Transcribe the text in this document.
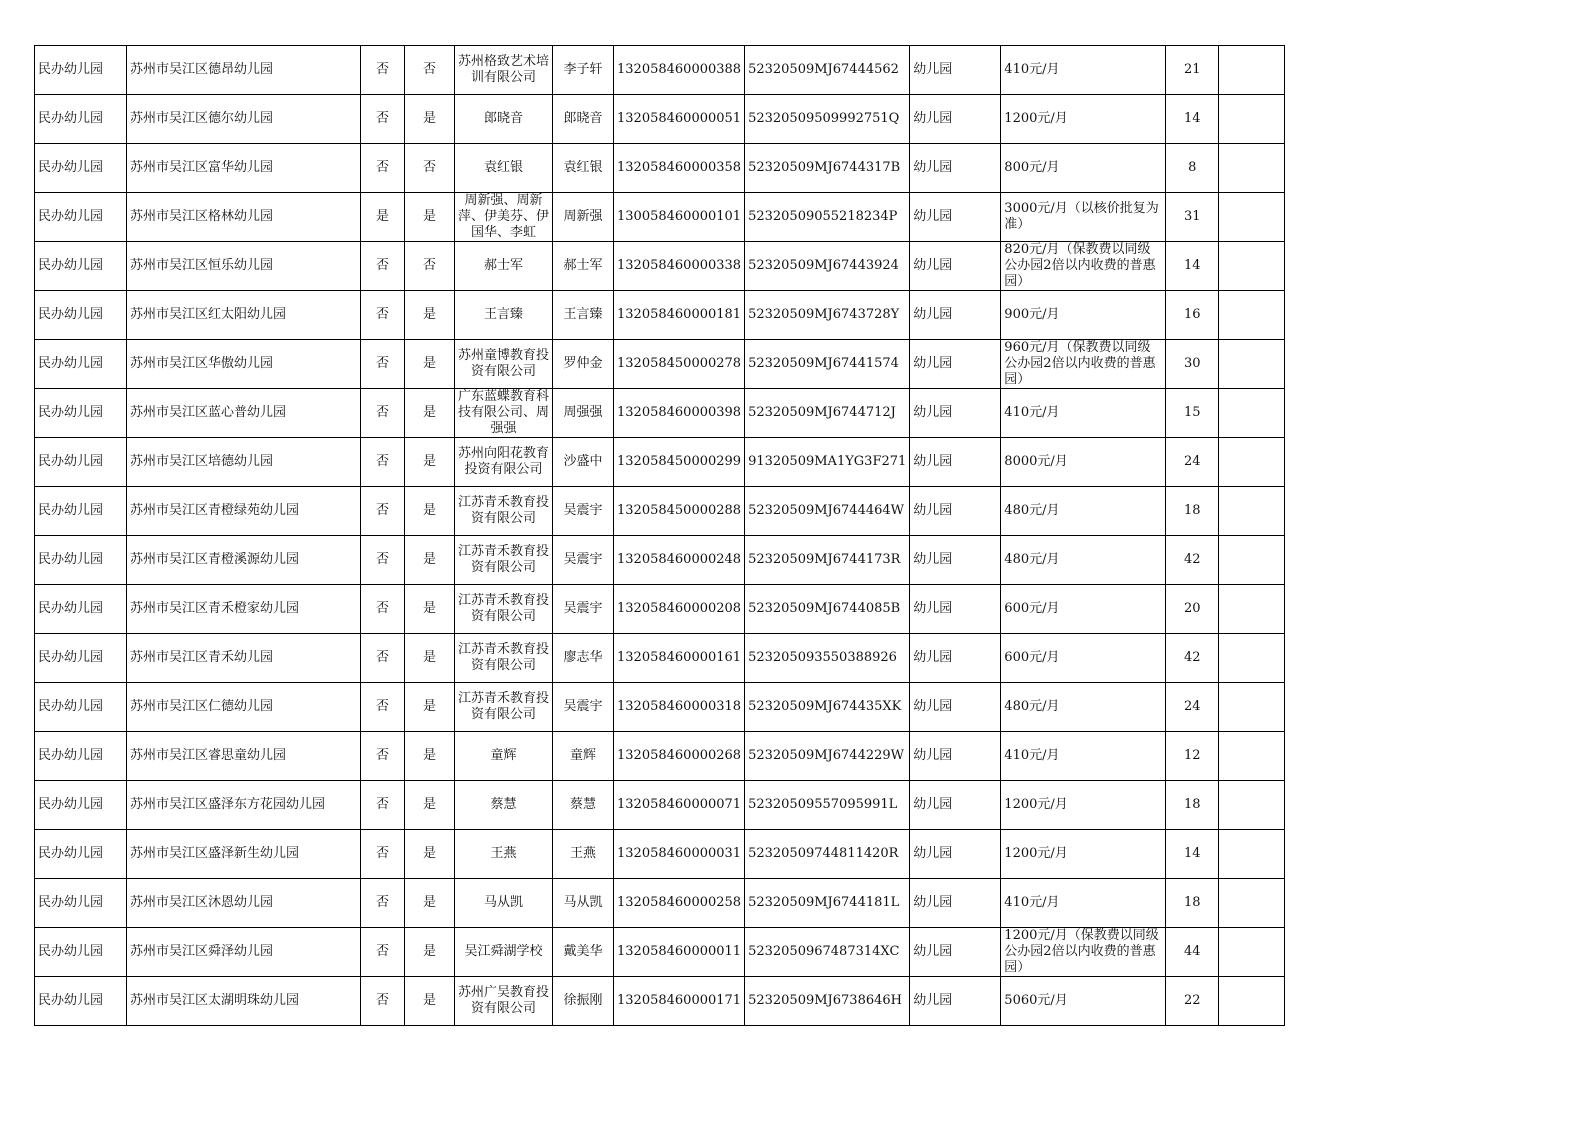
民办幼儿园	苏州市吴江区德昂幼儿园	否	否	苏州格致艺术培训有限公司	李子轩	132058460000388	52320509MJ67444562	幼儿园	410元/月	21	

民办幼儿园	苏州市吴江区德尔幼儿园	否	是	郎晓音	郎晓音	132058460000051	52320509509992751Q	幼儿园	1200元/月	14	

民办幼儿园	苏州市吴江区富华幼儿园	否	否	袁红银	袁红银	132058460000358	52320509MJ6744317B	幼儿园	800元/月	8	

民办幼儿园	苏州市吴江区格林幼儿园	是	是	周新强、周新萍、伊美芬、伊国华、李虹	周新强	130058460000101	52320509055218234P	幼儿园	3000元/月（以核价批复为准）	31	

民办幼儿园	苏州市吴江区恒乐幼儿园	否	否	郝士军	郝士军	132058460000338	52320509MJ67443924	幼儿园	820元/月（保教费以同级公办园2倍以内收费的普惠园）	14	

民办幼儿园	苏州市吴江区红太阳幼儿园	否	是	王言臻	王言臻	132058460000181	52320509MJ6743728Y	幼儿园	900元/月	16	

民办幼儿园	苏州市吴江区华傲幼儿园	否	是	苏州童博教育投资有限公司	罗仲金	132058450000278	52320509MJ67441574	幼儿园	960元/月（保教费以同级公办园2倍以内收费的普惠园）	30	

民办幼儿园	苏州市吴江区蓝心普幼儿园	否	是	广东蓝蝶教育科技有限公司、周强强	周强强	132058460000398	52320509MJ6744712J	幼儿园	410元/月	15	

民办幼儿园	苏州市吴江区培德幼儿园	否	是	苏州向阳花教育投资有限公司	沙盛中	132058450000299	91320509MA1YG3F271	幼儿园	8000元/月	24	

民办幼儿园	苏州市吴江区青橙绿苑幼儿园	否	是	江苏青禾教育投资有限公司	吴震宇	132058450000288	52320509MJ6744464W	幼儿园	480元/月	18	

民办幼儿园	苏州市吴江区青橙溪源幼儿园	否	是	江苏青禾教育投资有限公司	吴震宇	132058460000248	52320509MJ6744173R	幼儿园	480元/月	42	

民办幼儿园	苏州市吴江区青禾橙家幼儿园	否	是	江苏青禾教育投资有限公司	吴震宇	132058460000208	52320509MJ6744085B	幼儿园	600元/月	20	

民办幼儿园	苏州市吴江区青禾幼儿园	否	是	江苏青禾教育投资有限公司	廖志华	132058460000161	523205093550388926	幼儿园	600元/月	42	

民办幼儿园	苏州市吴江区仁德幼儿园	否	是	江苏青禾教育投资有限公司	吴震宇	132058460000318	52320509MJ674435XK	幼儿园	480元/月	24	

民办幼儿园	苏州市吴江区睿思童幼儿园	否	是	童辉	童辉	132058460000268	52320509MJ6744229W	幼儿园	410元/月	12	

民办幼儿园	苏州市吴江区盛泽东方花园幼儿园	否	是	蔡慧	蔡慧	132058460000071	52320509557095991L	幼儿园	1200元/月	18	

民办幼儿园	苏州市吴江区盛泽新生幼儿园	否	是	王燕	王燕	132058460000031	52320509744811420R	幼儿园	1200元/月	14	

民办幼儿园	苏州市吴江区沐恩幼儿园	否	是	马从凯	马从凯	132058460000258	52320509MJ6744181L	幼儿园	410元/月	18	

民办幼儿园	苏州市吴江区舜泽幼儿园	否	是	吴江舜湖学校	戴美华	132058460000011	5232050967487314XC	幼儿园	1200元/月（保教费以同级公办园2倍以内收费的普惠园）	44	

民办幼儿园	苏州市吴江区太湖明珠幼儿园	否	是	苏州广吴教育投资有限公司	徐振刚	132058460000171	52320509MJ6738646H	幼儿园	5060元/月	22	
